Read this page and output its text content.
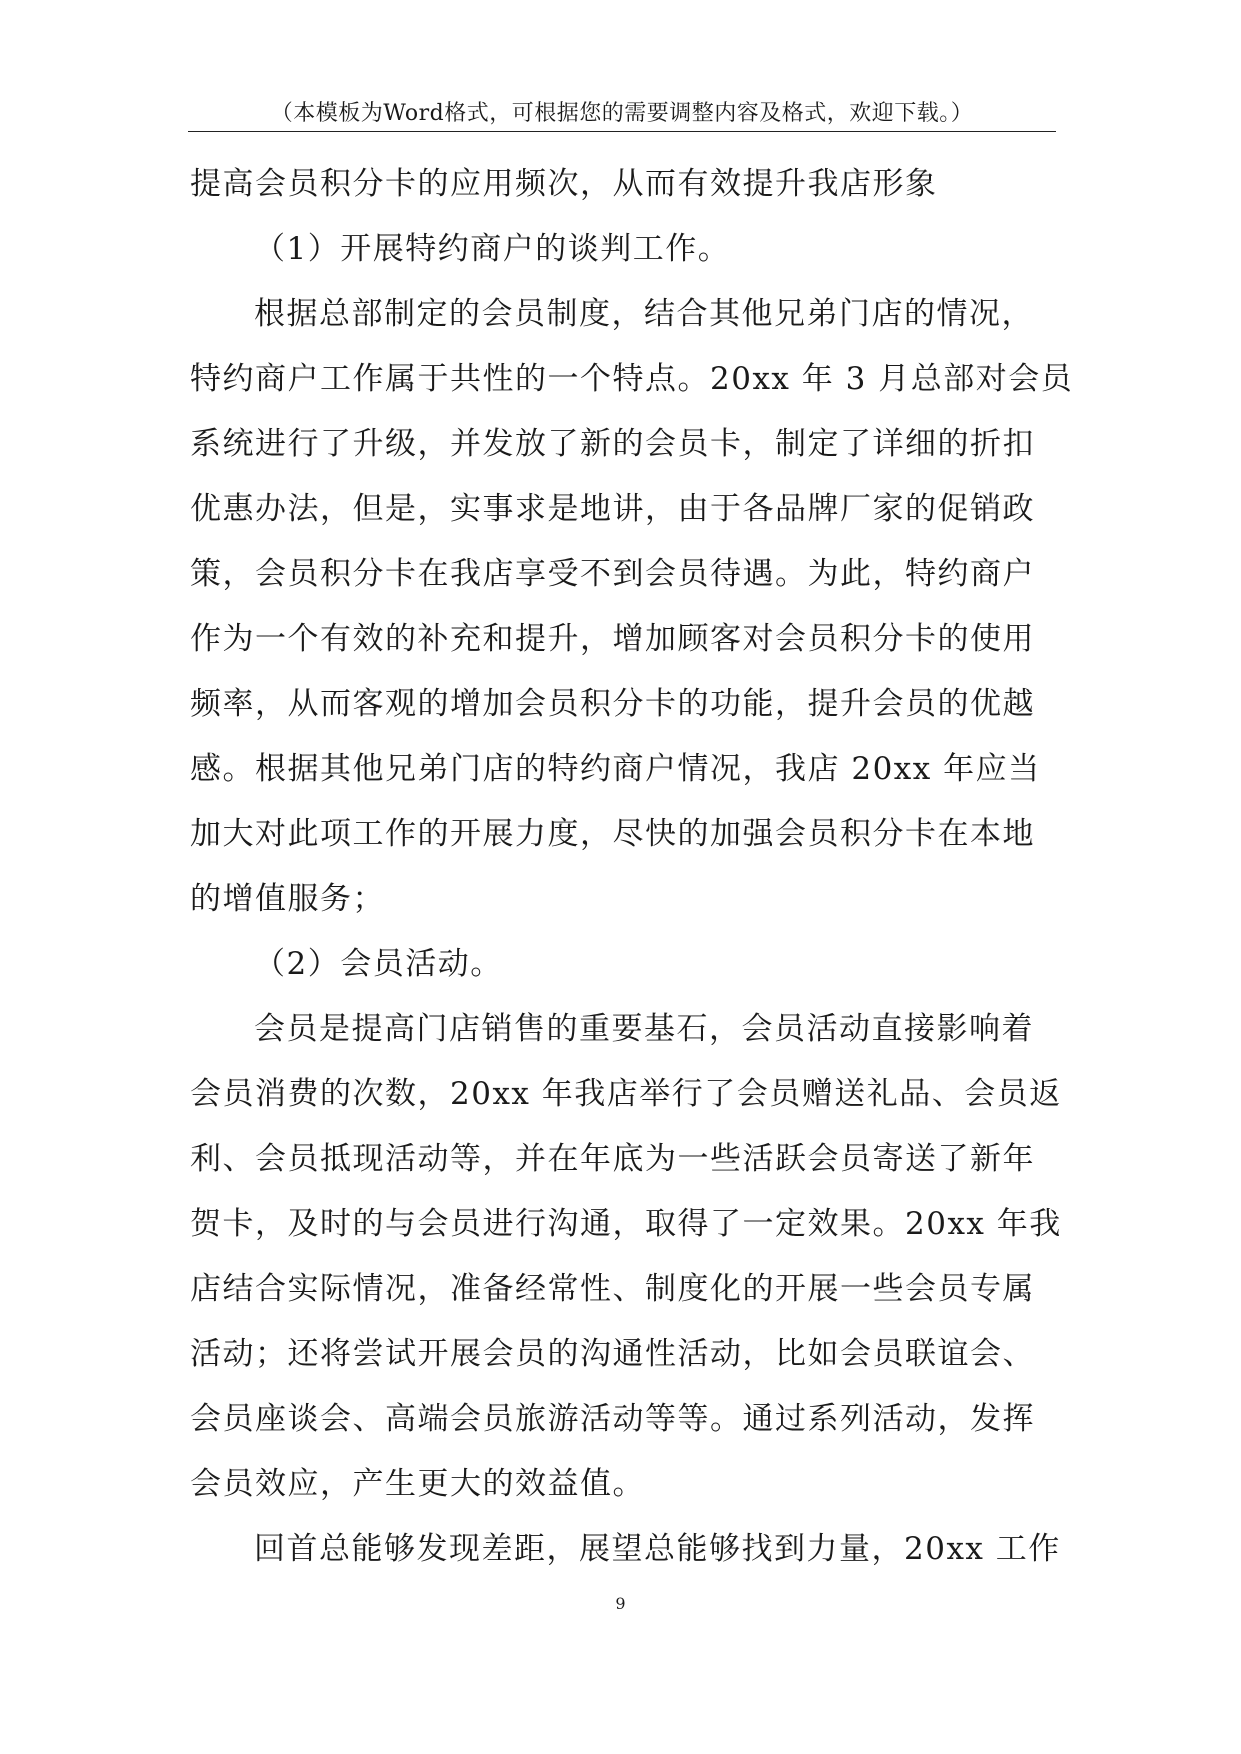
（本模板为Word格式，可根据您的需要调整内容及格式，欢迎下载。）
提高会员积分卡的应用频次，从而有效提升我店形象
（1）开展特约商户的谈判工作。
根据总部制定的会员制度，结合其他兄弟门店的情况，
特约商户工作属于共性的一个特点。20xx 年 3 月总部对会员
系统进行了升级，并发放了新的会员卡，制定了详细的折扣
优惠办法，但是，实事求是地讲，由于各品牌厂家的促销政
策，会员积分卡在我店享受不到会员待遇。为此，特约商户
作为一个有效的补充和提升，增加顾客对会员积分卡的使用
频率，从而客观的增加会员积分卡的功能，提升会员的优越
感。根据其他兄弟门店的特约商户情况，我店 20xx 年应当
加大对此项工作的开展力度，尽快的加强会员积分卡在本地
的增值服务；
（2）会员活动。
会员是提高门店销售的重要基石，会员活动直接影响着
会员消费的次数，20xx 年我店举行了会员赠送礼品、会员返
利、会员抵现活动等，并在年底为一些活跃会员寄送了新年
贺卡，及时的与会员进行沟通，取得了一定效果。20xx 年我
店结合实际情况，准备经常性、制度化的开展一些会员专属
活动；还将尝试开展会员的沟通性活动，比如会员联谊会、
会员座谈会、高端会员旅游活动等等。通过系列活动，发挥
会员效应，产生更大的效益值。
回首总能够发现差距，展望总能够找到力量，20xx 工作
9
